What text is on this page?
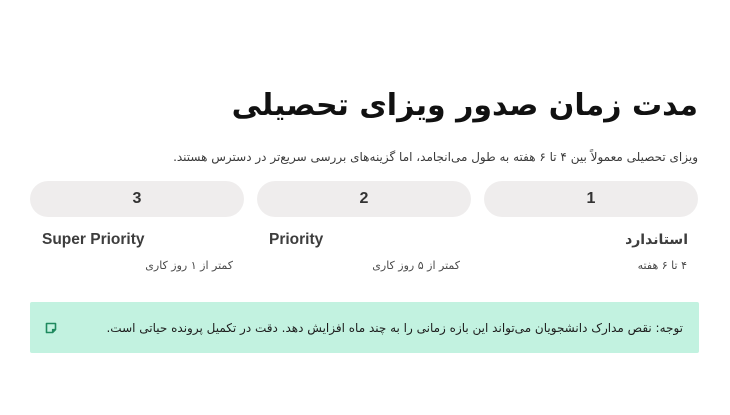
مدت زمان صدور ویزای تحصیلی

ویزای تحصیلی معمولاً بین ۴ تا ۶ هفته به طول می‌انجامد، اما گزینه‌های بررسی سریع‌تر در دسترس هستند.

1
استاندارد
۴ تا ۶ هفته
2
Priority
کمتر از ۵ روز کاری
3
Super Priority
کمتر از ۱ روز کاری
توجه: نقص مدارک دانشجویان می‌تواند این بازه زمانی را به چند ماه افزایش دهد. دقت در تکمیل پرونده حیاتی است.
